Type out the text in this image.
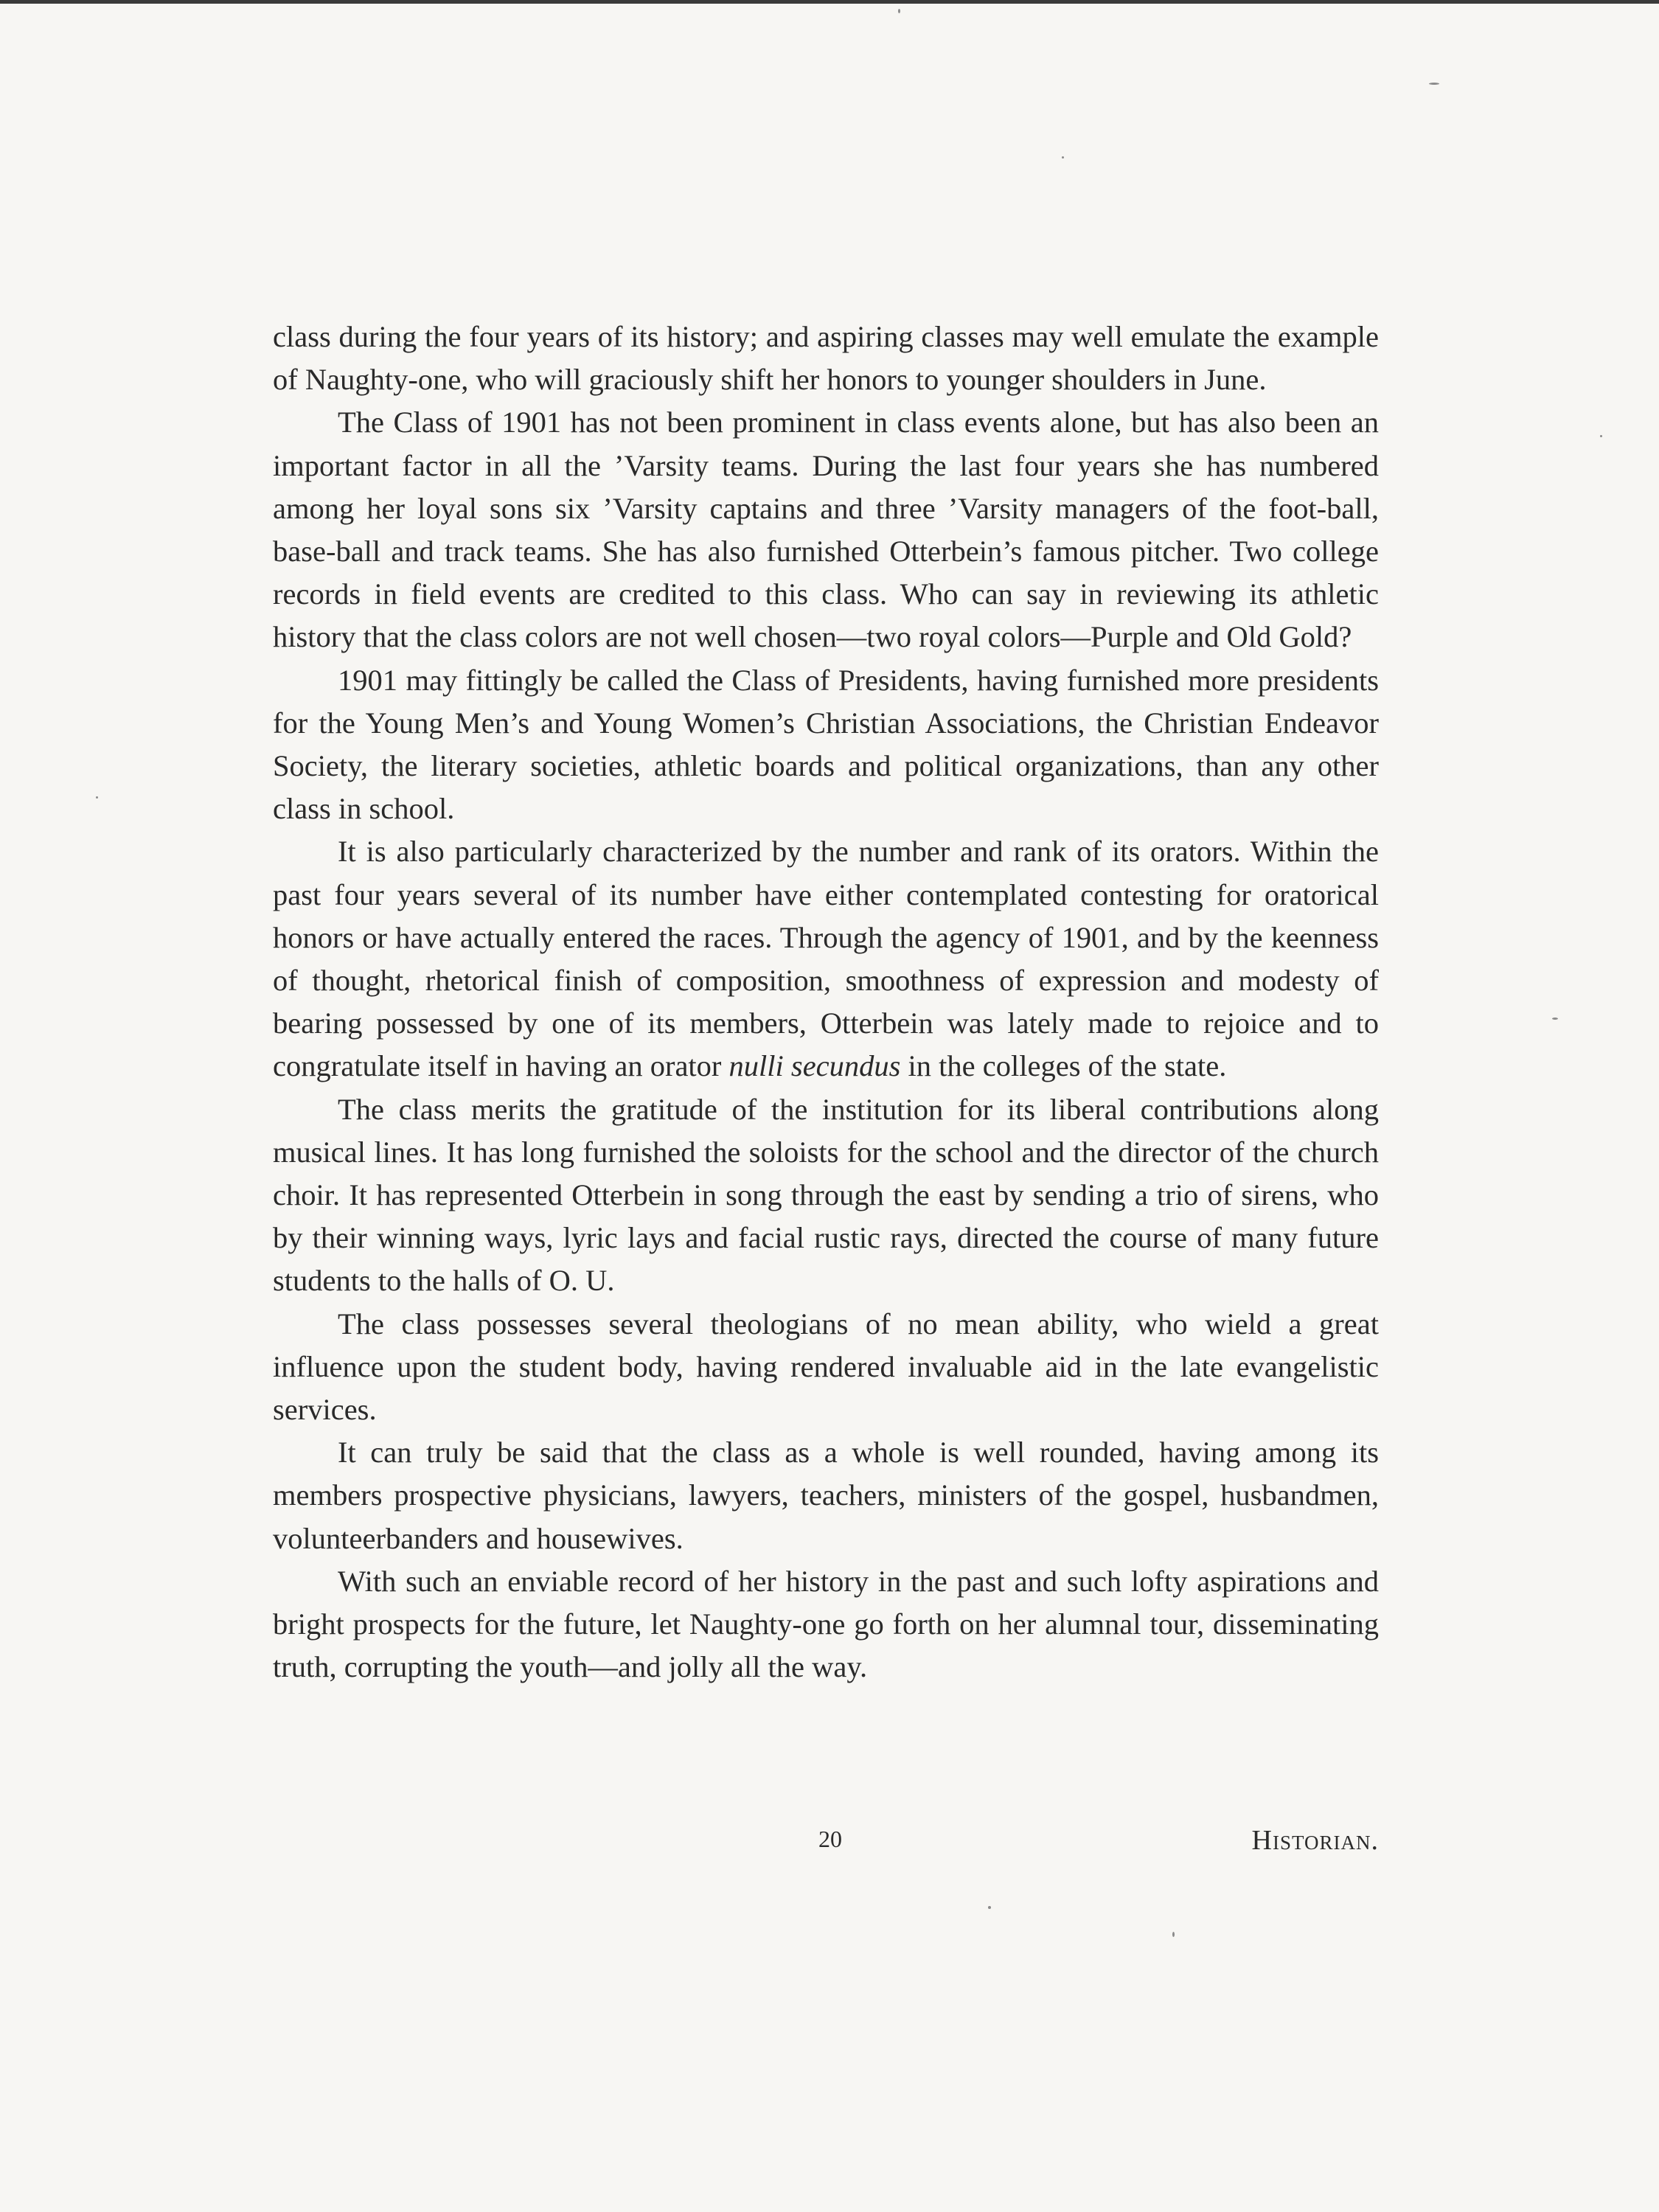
class during the four years of its history; and aspiring classes may well emulate the example of Naughty-one, who will graciously shift her honors to younger shoulders in June.

The Class of 1901 has not been prominent in class events alone, but has also been an important factor in all the ’Varsity teams. During the last four years she has numbered among her loyal sons six ’Varsity captains and three ’Varsity managers of the foot-ball, base-ball and track teams. She has also furnished Otterbein’s famous pitcher. Two college records in field events are credited to this class. Who can say in reviewing its athletic history that the class colors are not well chosen—two royal colors—Purple and Old Gold?

1901 may fittingly be called the Class of Presidents, having furnished more presidents for the Young Men’s and Young Women’s Christian Associations, the Christian Endeavor Society, the literary societies, athletic boards and political organizations, than any other class in school.

It is also particularly characterized by the number and rank of its orators. Within the past four years several of its number have either contemplated contesting for oratorical honors or have actually entered the races. Through the agency of 1901, and by the keenness of thought, rhetorical finish of composition, smoothness of expression and modesty of bearing possessed by one of its members, Otterbein was lately made to rejoice and to congratulate itself in having an orator nulli secundus in the colleges of the state.

The class merits the gratitude of the institution for its liberal contributions along musical lines. It has long furnished the soloists for the school and the director of the church choir. It has represented Otterbein in song through the east by sending a trio of sirens, who by their winning ways, lyric lays and facial rustic rays, directed the course of many future students to the halls of O. U.

The class possesses several theologians of no mean ability, who wield a great influence upon the student body, having rendered invaluable aid in the late evangelistic services.

It can truly be said that the class as a whole is well rounded, having among its members prospective physicians, lawyers, teachers, ministers of the gospel, husbandmen, volunteerbanders and housewives.

With such an enviable record of her history in the past and such lofty aspirations and bright prospects for the future, let Naughty-one go forth on her alumnal tour, disseminating truth, corrupting the youth—and jolly all the way.

20	Historian.
